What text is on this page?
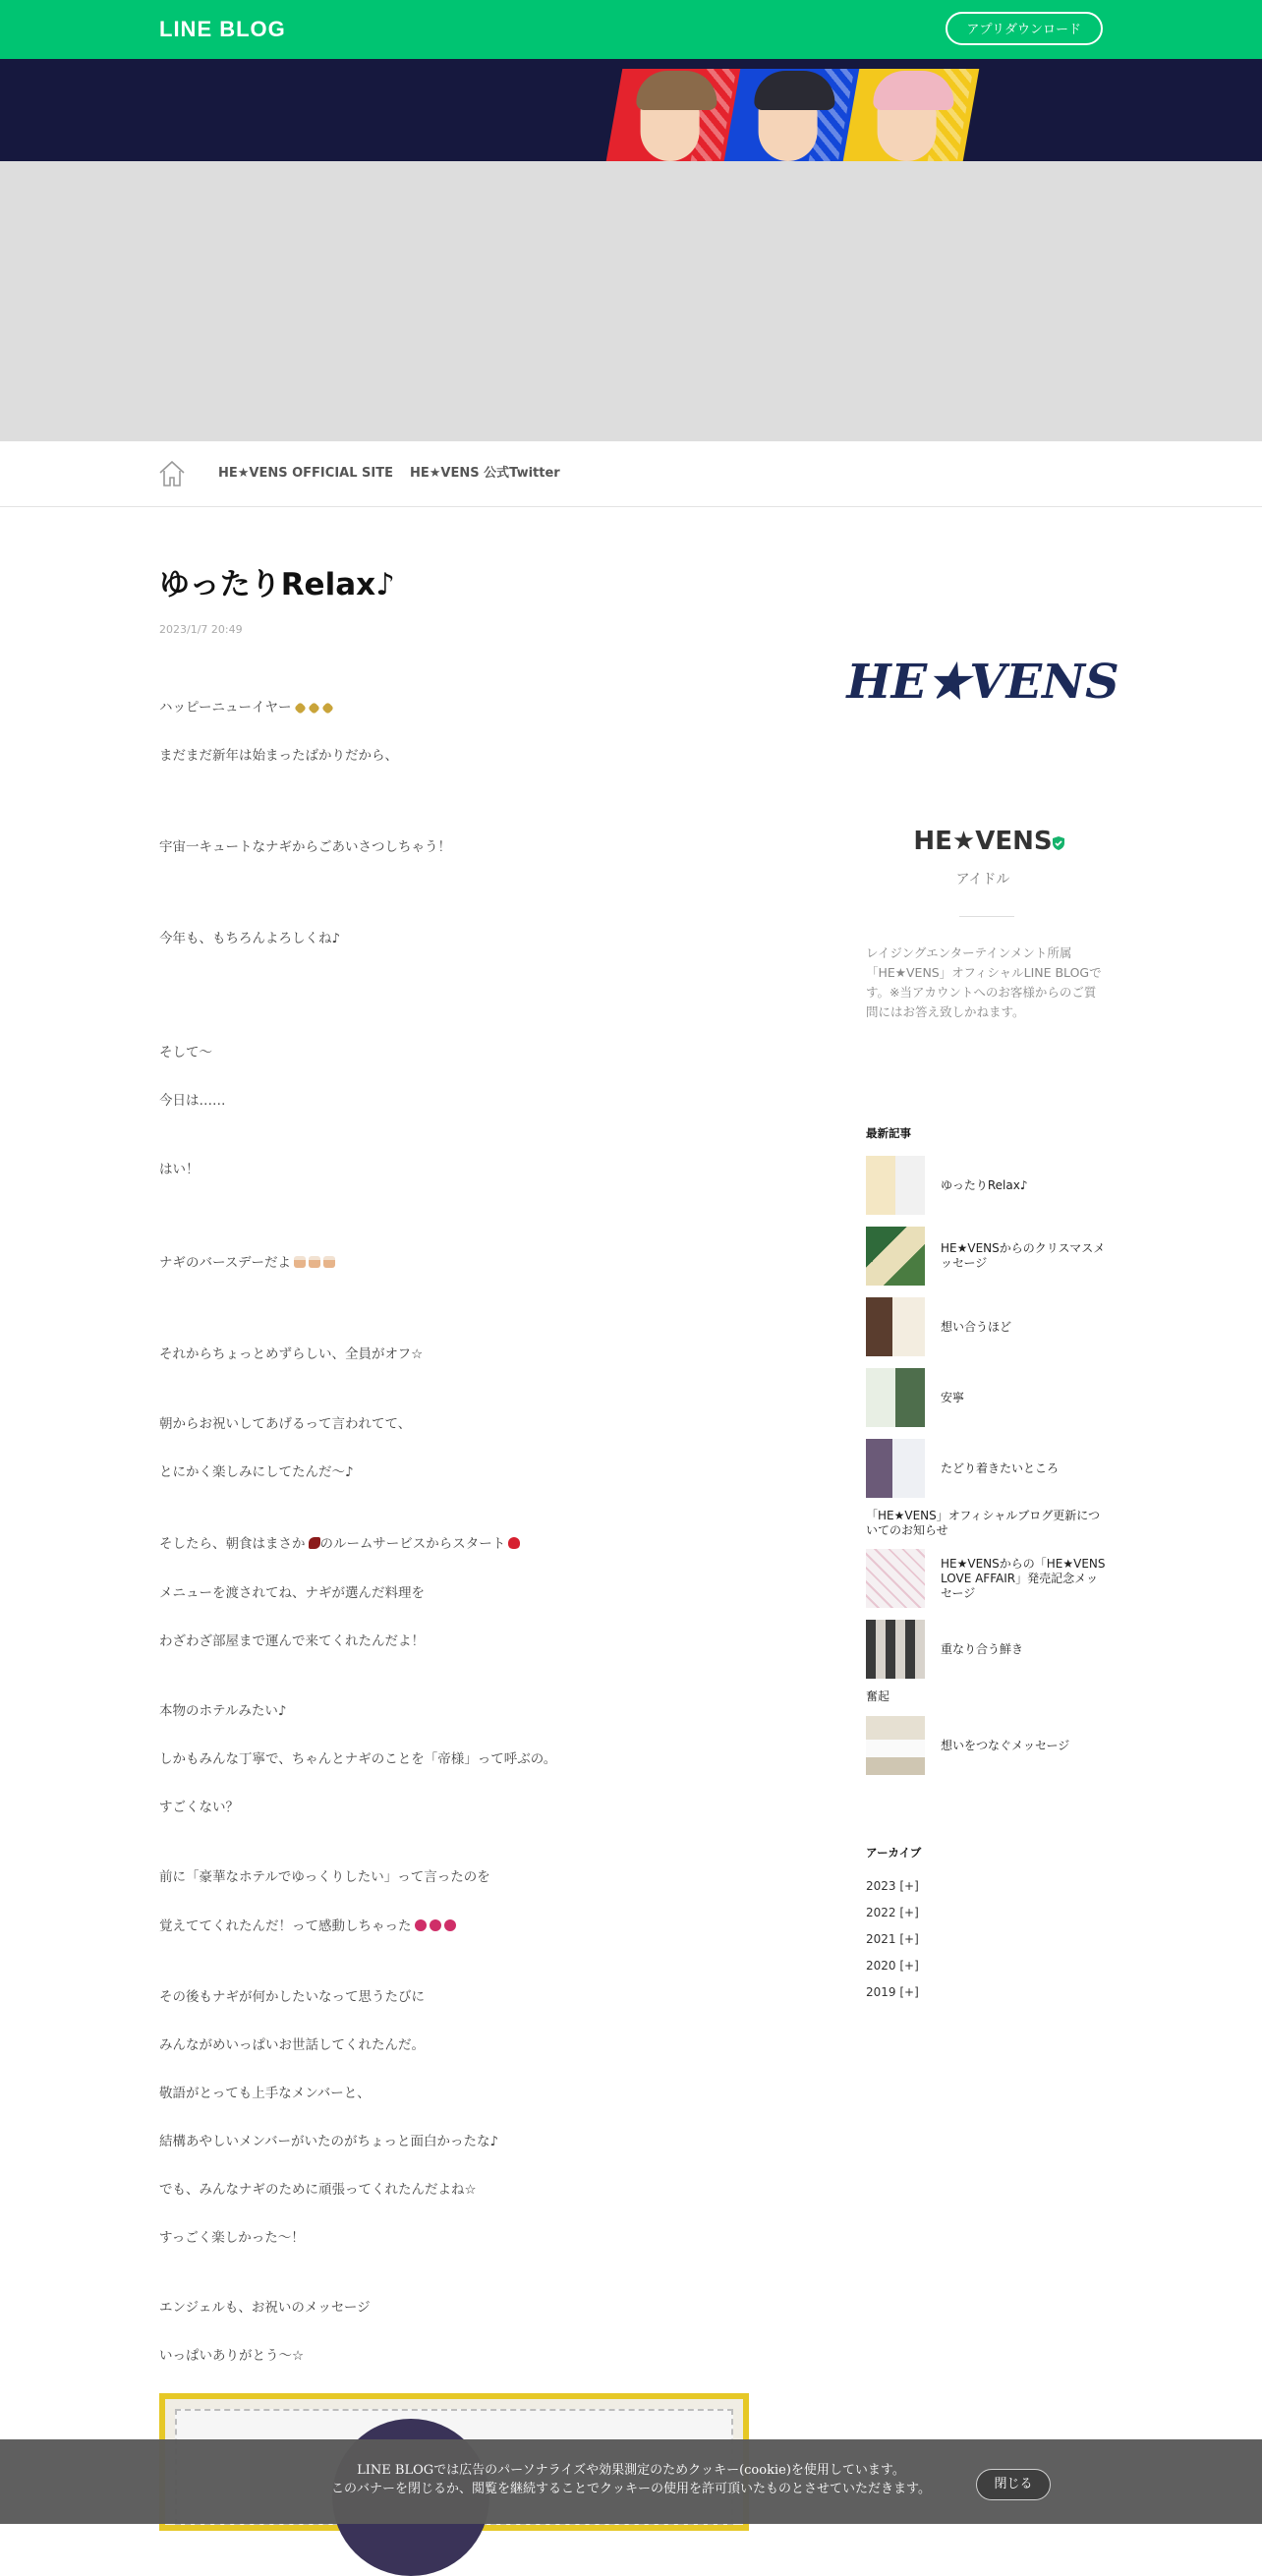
LINE BLOG	アプリダウンロード
HE★VENS OFFICIAL SITE HE★VENS 公式Twitter
ゆったりRelax♪
2023/1/7 20:49
ハッピーニューイヤー
まだまだ新年は始まったばかりだから、
宇宙一キュートなナギからごあいさつしちゃう！
今年も、もちろんよろしくね♪
そして～
今日は……
はい！
ナギのバースデーだよ
それからちょっとめずらしい、全員がオフ☆
朝からお祝いしてあげるって言われてて、
とにかく楽しみにしてたんだ～♪
そしたら、朝食はまさか のルームサービスからスタート
メニューを渡されてね、ナギが選んだ料理を
わざわざ部屋まで運んで来てくれたんだよ！
本物のホテルみたい♪
しかもみんな丁寧で、ちゃんとナギのことを「帝様」って呼ぶの。
すごくない？
前に「豪華なホテルでゆっくりしたい」って言ったのを
覚えててくれたんだ！って感動しちゃった
その後もナギが何かしたいなって思うたびに
みんながめいっぱいお世話してくれたんだ。
敬語がとっても上手なメンバーと、
結構あやしいメンバーがいたのがちょっと面白かったな♪
でも、みんなナギのために頑張ってくれたんだよね☆
すっごく楽しかった～！
エンジェルも、お祝いのメッセージ
いっぱいありがとう～☆
HE★VENS
HE★VENS
アイドル
レイジングエンターテインメント所属「HE★VENS」オフィシャルLINE BLOGです。※当アカウントへのお客様からのご質問にはお答え致しかねます。
最新記事
ゆったりRelax♪
HE★VENSからのクリスマスメッセージ
想い合うほど
安寧
たどり着きたいところ
「HE★VENS」オフィシャルブログ更新についてのお知らせ
HE★VENSからの「HE★VENS LOVE AFFAIR」発売記念メッセージ
重なり合う鮮き
奮起
想いをつなぐメッセージ
アーカイブ
2023 [+]
2022 [+]
2021 [+]
2020 [+]
2019 [+]
LINE BLOGでは広告のパーソナライズや効果測定のためクッキー(cookie)を使用しています。
このバナーを閉じるか、閲覧を継続することでクッキーの使用を許可頂いたものとさせていただきます。	閉じる
